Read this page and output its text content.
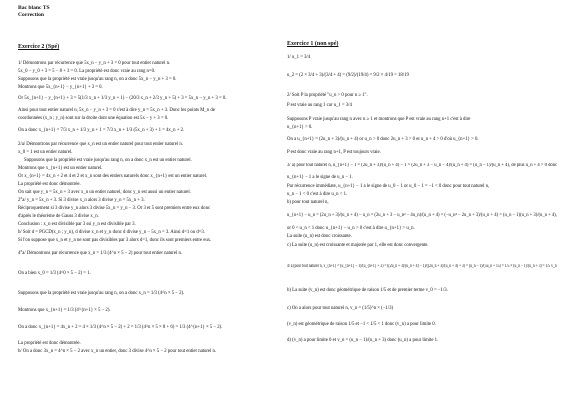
Bac blanc TS
Correction
Exercice 2 (Spé)
1/ Démontrons par récurrence que 5x_n − y_n + 3 = 0 pour tout entier naturel n.
5x_0 − y_0 + 3 = 5 − 8 + 3 = 0. La propriété est donc vraie au rang n=0.
Supposons que la propriété est vraie jusqu'au rang n, on a donc 5x_n − y_n + 3 = 0.
Montrons que 5x_{n+1} − y_{n+1} + 3 = 0.
Or 5x_{n+1} − y_{n+1} + 3 = 5(1/3 x_n + 1/3 y_n + 1) − (20/3 x_n + 2/3 y_n + 5) + 3 = 5x_n − y_n + 3 = 0.
Ainsi pour tout entier naturel n, 5x_n − y_n + 3 = 0 c'est à dire y_n = 5x_n + 3. Donc les points M_n de
coordonnées (x_n ; y_n) sont sur la droite dont une équation est 5x − y + 3 = 0.
On a donc x_{n+1} = 7/3 x_n + 1/3 y_n + 1 = 7/3 x_n + 1/3 (5x_n + 3) + 1 = 4x_n + 2.
2/a/ Démontrons par récurrence que x_n est un entier naturel pour tout entier naturel n.
x_0 = 1 est un entier naturel.
Supposons que la propriété est vraie jusqu'au rang n, on a donc x_n est un entier naturel.
Montrons que x_{n+1} est un entier naturel.
Or x_{n+1} = 4x_n + 2 et 4 et 2 et x_n sont des entiers naturels donc x_{n+1} est un entier naturel.
La propriété est donc démontrée.
On sait que y_n = 5x_n + 3 avec x_n un entier naturel, donc y_n est aussi un entier naturel.
2°a/ y_n = 5x_n + 3. Si 3 divise x_n alors 3 divise y_n = 5x_n + 3.
Réciproquement si 3 divise y_n alors 3 divise 5x_n = y_n − 3. Or 3 et 5 sont premiers entre eux donc
d'après le théorème de Gauss 3 divise x_n.
Conclusion : x_n est divisible par 3 ssi y_n est divisible par 3.
b/ Soit d = PGCD(x_n ; y_n), d divise x_n et y_n donc d divise y_n − 5x_n = 3. Ainsi d=1 ou d=3.
Si l'on suppose que x_n et y_n ne sont pas divisibles par 3 alors d=1, donc ils sont premiers entre eux.
4°a/ Démontrons par récurrence que x_n = 1/3 (4^n × 5 − 2) pour tout entier naturel n.
On a bien x_0 = 1/3 (4^0 × 5 − 2) = 1.
Supposons que la propriété est vraie jusqu'au rang n, on a donc x_n = 1/3 (4^n × 5 − 2).
Montrons que x_{n+1} = 1/3 (4^{n+1} × 5 − 2).
On a donc x_{n+1} = 4x_n + 2 = 4 × 1/3 (4^n × 5 − 2) + 2 = 1/3 (4^n × 5 × 8 + 6) = 1/3 (4^{n+1} × 5 − 2).
La propriété est donc démontrée.
b/ On a donc 3x_n = 4^n × 5 − 2 avec x_n un entier, donc 3 divise 4^n × 5 − 2 pour tout entier naturel n.
Exercice 1 (non spé)
1/ u_1 = 3/4
u_2 = (2 × 3/4 + 3)/(3/4 + 4) = (9/2)/(19/4) = 9/2 × 4/19 = 18/19
2/ Soit P la propriété "u_n > 0 pour n ≥ 1".
P est vraie au rang 1 car u_1 = 3/4
Supposons P vraie jusqu'au rang n avec n ≥ 1 et montrons que P est vraie au rang n+1 c'est à dire
u_{n+1} > 0.
On a u_{n+1} = (2u_n + 3)/(u_n + 4) or u_n > 0 donc 2u_n + 3 > 0 et u_n + 4 > 0 d'où u_{n+1} > 0.
P est donc vraie au rang n+1, P est toujours vraie.
3/ a) pour tout naturel n, u_{n+1} − 1 = (2u_n + 3)/(u_n + 4) − 1 = (2u_n + 3 − u_n − 4)/(u_n + 4) = (u_n − 1)/(u_n + 4), de plus u_n + 4 > 0 donc
u_{n+1} − 1 a le signe de u_n − 1.
Par récurrence immédiate, u_{n+1} − 1 a le signe de u_0 − 1 or u_0 − 1 = −1 < 0 donc pour tout naturel n,
u_n − 1 < 0 c'est à dire u_n < 1.
b) pour tout naturel n,
u_{n+1} − u_n = (2u_n + 3)/(u_n + 4) − u_n = (2u_n + 3 − u_n² − 4u_n)/(u_n + 4) = (−u_n² − 2u_n + 3)/(u_n + 4) = (u_n − 1)(u_n + 3)/(u_n + 4),
or 0 < u_n < 1 donc u_{n+1} − u_n > 0 c'est à dire u_{n+1} > u_n.
La suite (u_n) est donc croissante.
c) La suite (u_n) est croissante et majorée par 1, elle est donc convergente.
4/ a) pour tout naturel n, v_{n+1} = (u_{n+1} − 1)/(u_{n+1} + 3) = ((2u_n + 3)/(u_n + 4) − 1)/((2u_n + 3)/(u_n + 4) + 3) = (u_n − 1)/(5u_n + 15) = 1/5 × (u_n − 1)/(u_n + 3) = 1/5 v_n
b) La suite (v_n) est donc géométrique de raison 1/5 et de premier terme v_0 = −1/3.
c) On a alors pour tout naturel n, v_n = (1/5)^n × (−1/3)
(v_n) est géométrique de raison 1/5 et −1 < 1/5 < 1 donc (v_n) a pour limite 0.
d) (v_n) a pour limite 0 et v_n = (u_n − 1)/(u_n + 3) donc (u_n) a pour limite 1.
